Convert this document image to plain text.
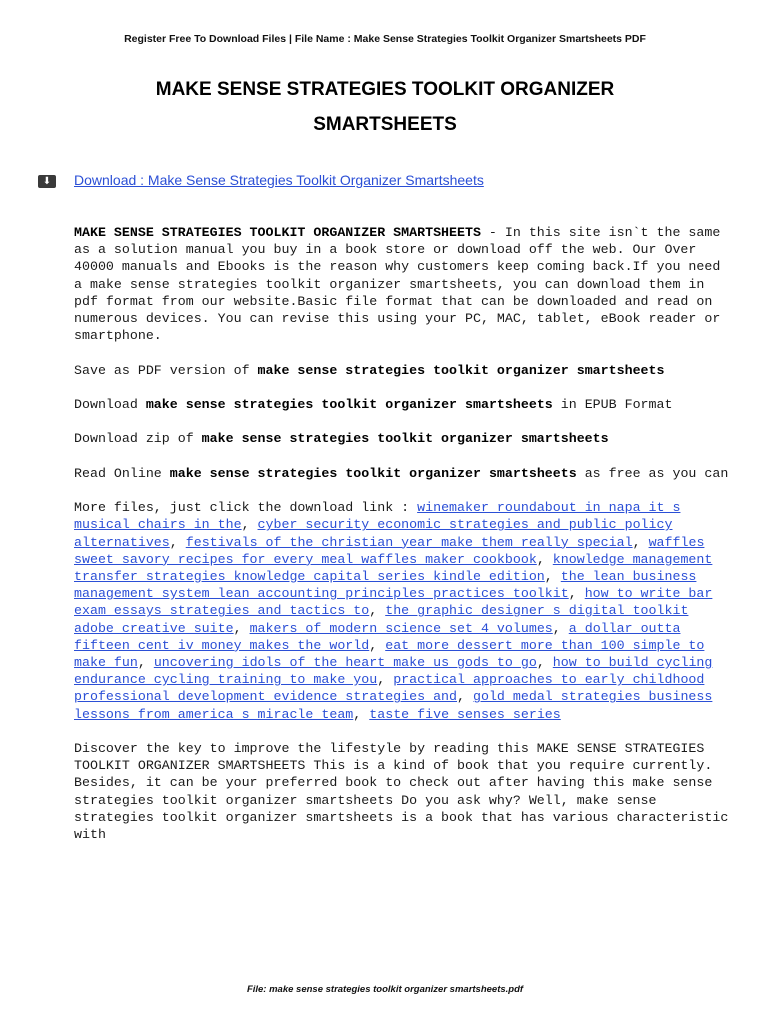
Register Free To Download Files | File Name : Make Sense Strategies Toolkit Organizer Smartsheets PDF
MAKE SENSE STRATEGIES TOOLKIT ORGANIZER
SMARTSHEETS
⬇	Download : Make Sense Strategies Toolkit Organizer Smartsheets

MAKE SENSE STRATEGIES TOOLKIT ORGANIZER SMARTSHEETS - In this site isn`t the same as a solution manual you buy in a book store or download off the web. Our Over 40000 manuals and Ebooks is the reason why customers keep coming back.If you need a make sense strategies toolkit organizer smartsheets, you can download them in pdf format from our website.Basic file format that can be downloaded and read on numerous devices. You can revise this using your PC, MAC, tablet, eBook reader or smartphone.

Save as PDF version of make sense strategies toolkit organizer smartsheets

Download make sense strategies toolkit organizer smartsheets in EPUB Format

Download zip of make sense strategies toolkit organizer smartsheets

Read Online make sense strategies toolkit organizer smartsheets as free as you can

More files, just click the download link : winemaker roundabout in napa it s musical chairs in the, cyber security economic strategies and public policy alternatives, festivals of the christian year make them really special, waffles sweet savory recipes for every meal waffles maker cookbook, knowledge management transfer strategies knowledge capital series kindle edition, the lean business management system lean accounting principles practices toolkit, how to write bar exam essays strategies and tactics to, the graphic designer s digital toolkit adobe creative suite, makers of modern science set 4 volumes, a dollar outta fifteen cent iv money makes the world, eat more dessert more than 100 simple to make fun, uncovering idols of the heart make us gods to go, how to build cycling endurance cycling training to make you, practical approaches to early childhood professional development evidence strategies and, gold medal strategies business lessons from america s miracle team, taste five senses series

Discover the key to improve the lifestyle by reading this MAKE SENSE STRATEGIES TOOLKIT ORGANIZER SMARTSHEETS This is a kind of book that you require currently. Besides, it can be your preferred book to check out after having this make sense strategies toolkit organizer smartsheets Do you ask why? Well, make sense strategies toolkit organizer smartsheets is a book that has various characteristic with

File: make sense strategies toolkit organizer smartsheets.pdf
